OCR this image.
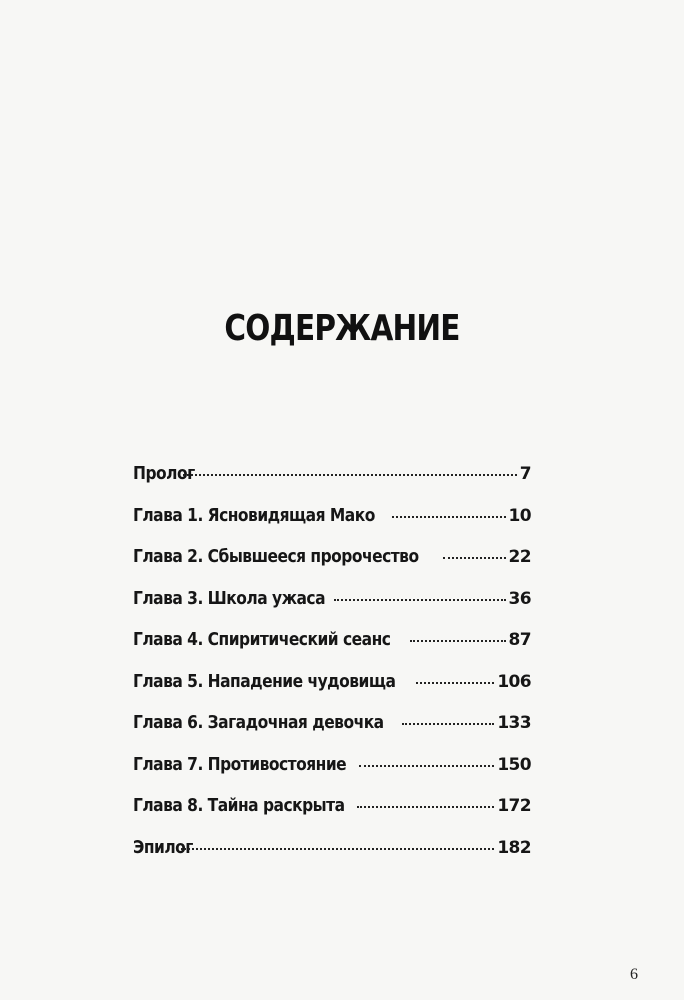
СОДЕРЖАНИЕ
Пролог	7
Глава 1. Ясновидящая Мако	10
Глава 2. Сбывшееся пророчество	22
Глава 3. Школа ужаса	36
Глава 4. Спиритический сеанс	87
Глава 5. Нападение чудовища	106
Глава 6. Загадочная девочка	133
Глава 7. Противостояние	150
Глава 8. Тайна раскрыта	172
Эпилог	182
6
